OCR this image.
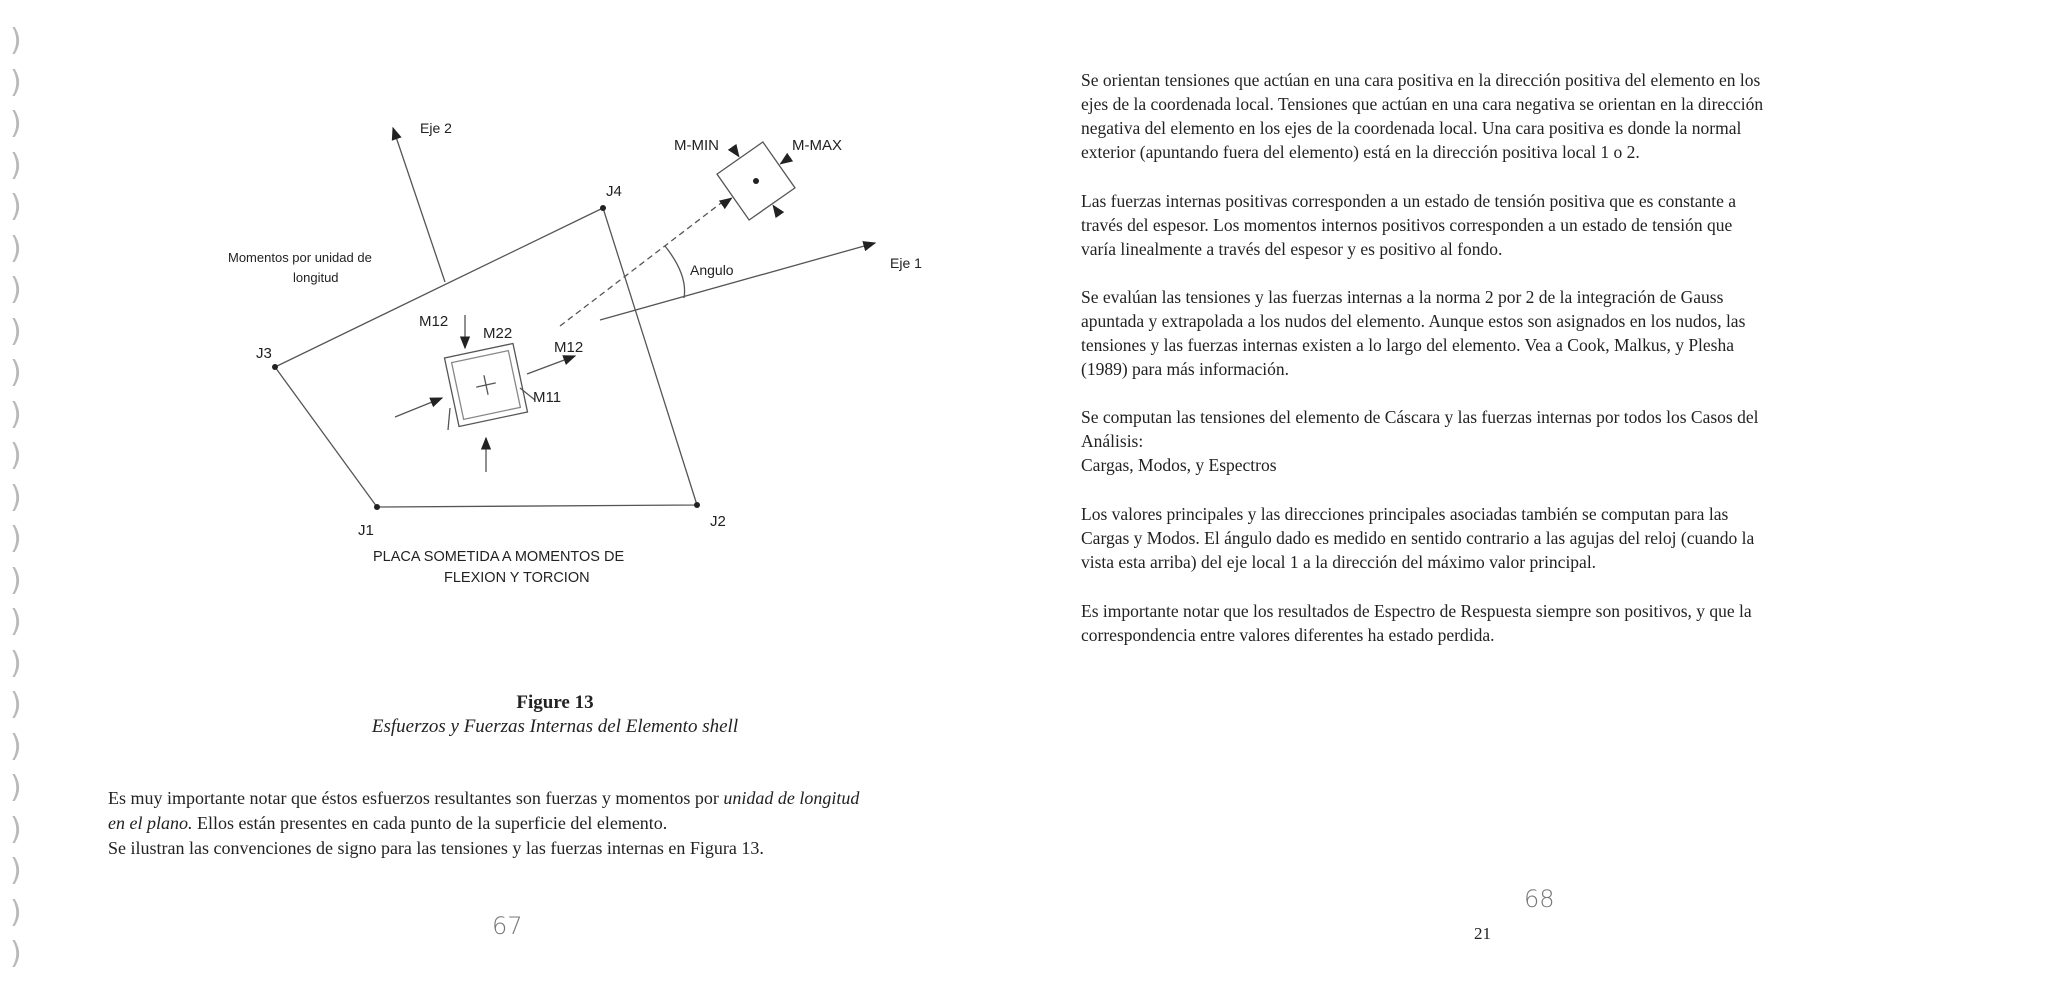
)
)
)
)
)
)
)
)
)
)
)
)
)
)
)
)
)
)
)
)
)
)
)
Eje 2
Eje 1
M-MIN	M-MAX
J4
J3
J2
J1
Angulo
Momentos por unidad de
longitud
M12
M22
M12
M11
PLACA SOMETIDA A MOMENTOS DE
FLEXION Y TORCION
Figure 13
Esfuerzos y Fuerzas Internas del Elemento shell
Es muy importante notar que éstos esfuerzos resultantes son fuerzas y momentos por unidad de longitud
en el plano. Ellos están presentes en cada punto de la superficie del elemento.
Se ilustran las convenciones de signo para las tensiones y las fuerzas internas en Figura 13.
67
68
21

Se orientan tensiones que actúan en una cara positiva en la dirección positiva del elemento en los

ejes de la coordenada local. Tensiones que actúan en una cara negativa se orientan en la dirección

negativa del elemento en los ejes de la coordenada local. Una cara positiva es donde la normal

exterior (apuntando fuera del elemento) está en la dirección positiva local 1 o 2.

Las fuerzas internas positivas corresponden a un estado de tensión positiva que es constante a

través del espesor. Los momentos internos positivos corresponden a un estado de tensión que

varía linealmente a través del espesor y es positivo al fondo.

Se evalúan las tensiones y las fuerzas internas a la norma 2 por 2 de la integración de Gauss

apuntada y extrapolada a los nudos del elemento. Aunque estos son asignados en los nudos, las

tensiones y las fuerzas internas existen a lo largo del elemento. Vea a Cook, Malkus, y Plesha

(1989) para más información.

Se computan las tensiones del elemento de Cáscara y las fuerzas internas por todos los Casos del

Análisis:

Cargas, Modos, y Espectros

Los valores principales y las direcciones principales asociadas también se computan para las

Cargas y Modos. El ángulo dado es medido en sentido contrario a las agujas del reloj (cuando la

vista esta arriba) del eje local 1 a la dirección del máximo valor principal.

Es importante notar que los resultados de Espectro de Respuesta siempre son positivos, y que la

correspondencia entre valores diferentes ha estado perdida.
